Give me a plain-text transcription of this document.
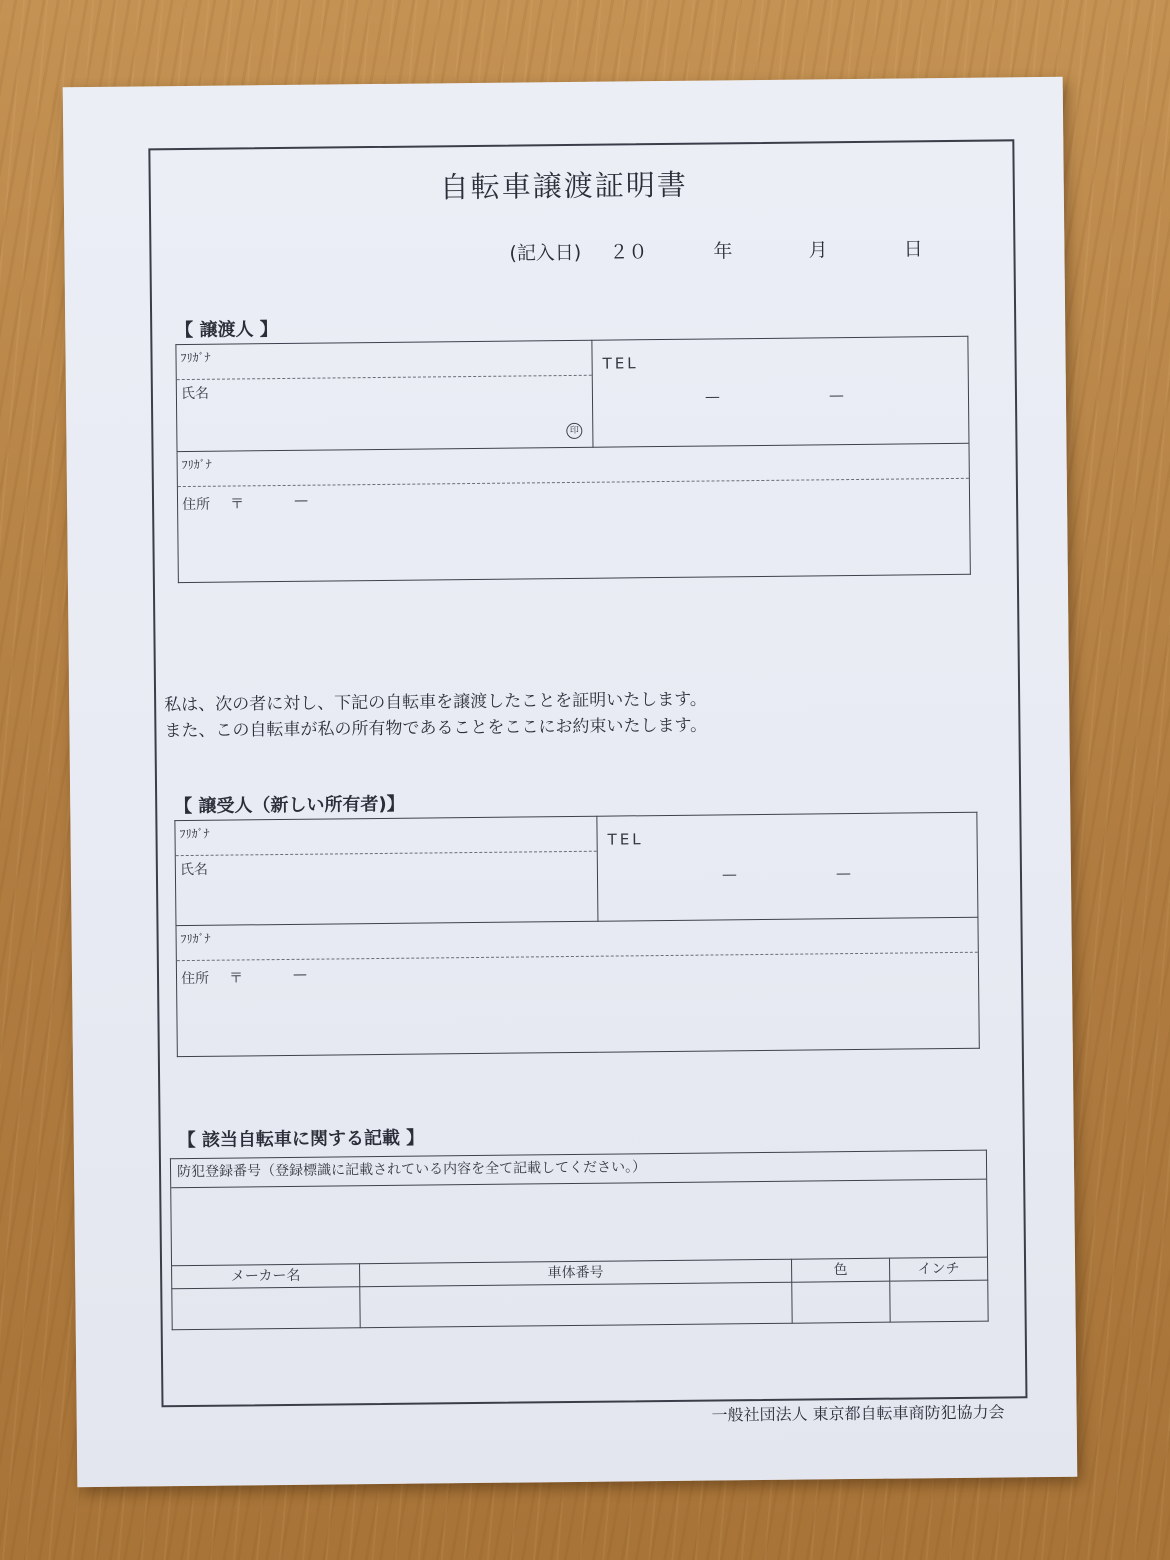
自転車譲渡証明書
(記入日) ２０	年	月	日
【 譲渡人 】
ﾌﾘｶﾞﾅ
氏名
印

TEL
—	—

ﾌﾘｶﾞﾅ
住所 〒	—
私は、次の者に対し、下記の自転車を譲渡したことを証明いたします。
また、この自転車が私の所有物であることをここにお約束いたします。
【 譲受人（新しい所有者)】
ﾌﾘｶﾞﾅ
氏名

TEL
—	—

ﾌﾘｶﾞﾅ
住所 〒	—
【 該当自転車に関する記載 】
防犯登録番号（登録標識に記載されている内容を全て記載してください。）			

メーカー名	車体番号	色	インチ

一般社団法人 東京都自転車商防犯協力会
